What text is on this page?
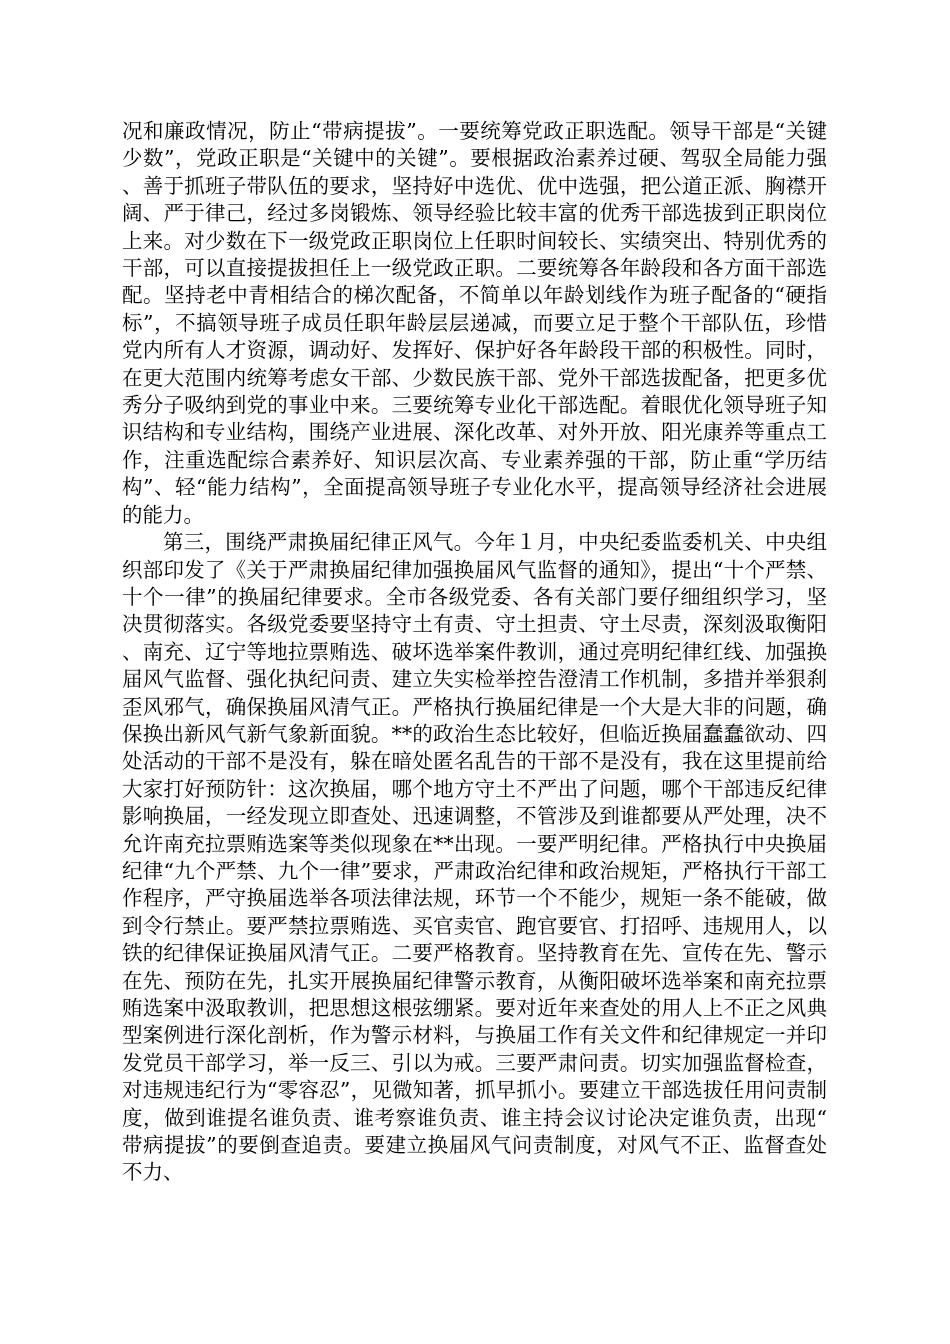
况和廉政情况，防止“带病提拔”。一要统筹党政正职选配。领导干部是“关键少数”，党政正职是“关键中的关键”。要根据政治素养过硬、驾驭全局能力强、善于抓班子带队伍的要求，坚持好中选优、优中选强，把公道正派、胸襟开阔、严于律己，经过多岗锻炼、领导经验比较丰富的优秀干部选拔到正职岗位上来。对少数在下一级党政正职岗位上任职时间较长、实绩突出、特别优秀的干部，可以直接提拔担任上一级党政正职。二要统筹各年龄段和各方面干部选配。坚持老中青相结合的梯次配备，不简单以年龄划线作为班子配备的“硬指标”，不搞领导班子成员任职年龄层层递减，而要立足于整个干部队伍，珍惜党内所有人才资源，调动好、发挥好、保护好各年龄段干部的积极性。同时，在更大范围内统筹考虑女干部、少数民族干部、党外干部选拔配备，把更多优秀分子吸纳到党的事业中来。三要统筹专业化干部选配。着眼优化领导班子知识结构和专业结构，围绕产业进展、深化改革、对外开放、阳光康养等重点工作，注重选配综合素养好、知识层次高、专业素养强的干部，防止重“学历结构”、轻“能力结构”，全面提高领导班子专业化水平，提高领导经济社会进展的能力。

第三，围绕严肃换届纪律正风气。今年１月，中央纪委监委机关、中央组织部印发了《关于严肃换届纪律加强换届风气监督的通知》，提出“十个严禁、十个一律”的换届纪律要求。全市各级党委、各有关部门要仔细组织学习，坚决贯彻落实。各级党委要坚持守土有责、守土担责、守土尽责，深刻汲取衡阳、南充、辽宁等地拉票贿选、破坏选举案件教训，通过亮明纪律红线、加强换届风气监督、强化执纪问责、建立失实检举控告澄清工作机制，多措并举狠刹歪风邪气，确保换届风清气正。严格执行换届纪律是一个大是大非的问题，确保换出新风气新气象新面貌。**的政治生态比较好，但临近换届蠢蠢欲动、四处活动的干部不是没有，躲在暗处匿名乱告的干部不是没有，我在这里提前给大家打好预防针：这次换届，哪个地方守土不严出了问题，哪个干部违反纪律影响换届，一经发现立即查处、迅速调整，不管涉及到谁都要从严处理，决不允许南充拉票贿选案等类似现象在**出现。一要严明纪律。严格执行中央换届纪律“九个严禁、九个一律”要求，严肃政治纪律和政治规矩，严格执行干部工作程序，严守换届选举各项法律法规，环节一个不能少，规矩一条不能破，做到令行禁止。要严禁拉票贿选、买官卖官、跑官要官、打招呼、违规用人，以铁的纪律保证换届风清气正。二要严格教育。坚持教育在先、宣传在先、警示在先、预防在先，扎实开展换届纪律警示教育，从衡阳破坏选举案和南充拉票贿选案中汲取教训，把思想这根弦绷紧。要对近年来查处的用人上不正之风典型案例进行深化剖析，作为警示材料，与换届工作有关文件和纪律规定一并印发党员干部学习，举一反三、引以为戒。三要严肃问责。切实加强监督检查，对违规违纪行为“零容忍”，见微知著，抓早抓小。要建立干部选拔任用问责制度，做到谁提名谁负责、谁考察谁负责、谁主持会议讨论决定谁负责，出现“带病提拔”的要倒查追责。要建立换届风气问责制度，对风气不正、监督查处不力、
